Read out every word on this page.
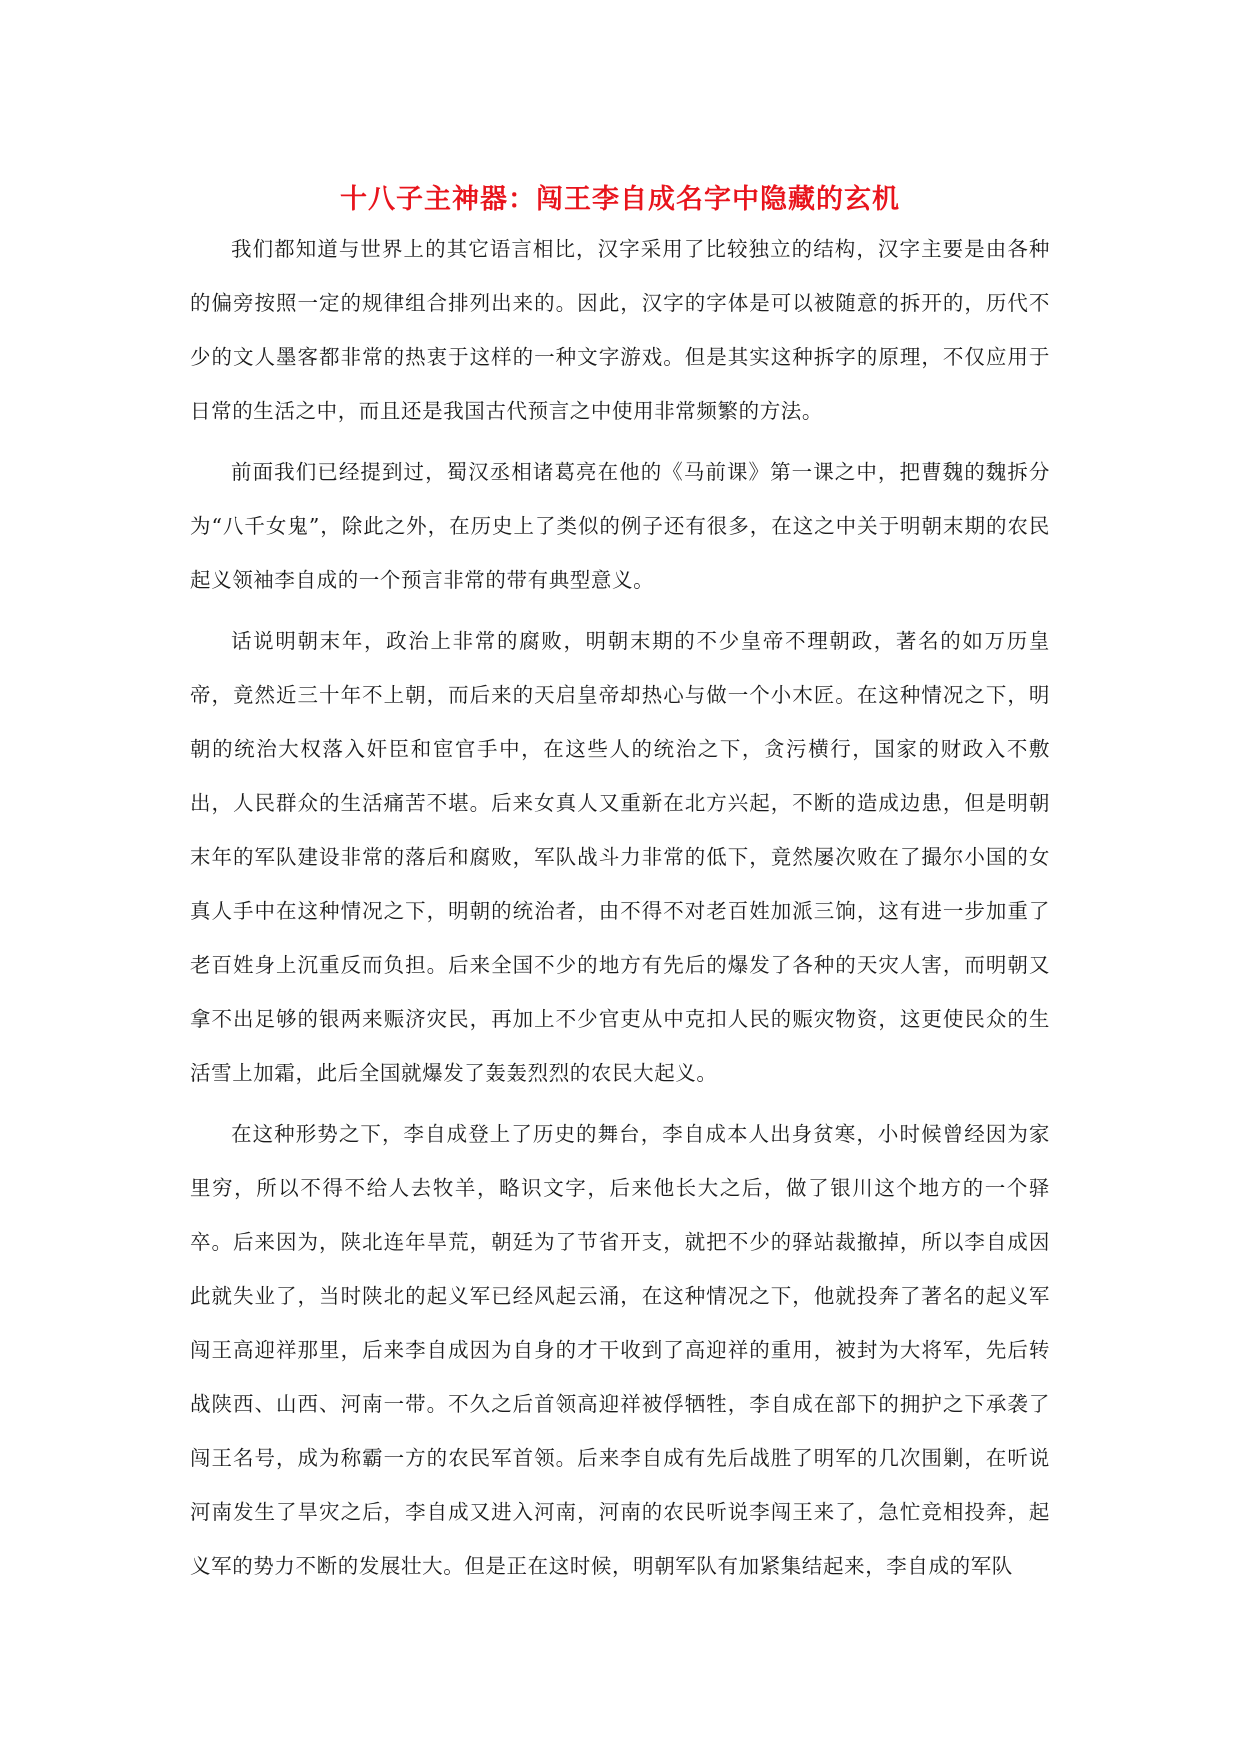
十八子主神器：闯王李自成名字中隐藏的玄机

我们都知道与世界上的其它语言相比，汉字采用了比较独立的结构，汉字主要是由各种的偏旁按照一定的规律组合排列出来的。因此，汉字的字体是可以被随意的拆开的，历代不少的文人墨客都非常的热衷于这样的一种文字游戏。但是其实这种拆字的原理，不仅应用于日常的生活之中，而且还是我国古代预言之中使用非常频繁的方法。

前面我们已经提到过，蜀汉丞相诸葛亮在他的《马前课》第一课之中，把曹魏的魏拆分为“八千女鬼”，除此之外，在历史上了类似的例子还有很多，在这之中关于明朝末期的农民起义领袖李自成的一个预言非常的带有典型意义。

话说明朝末年，政治上非常的腐败，明朝末期的不少皇帝不理朝政，著名的如万历皇帝，竟然近三十年不上朝，而后来的天启皇帝却热心与做一个小木匠。在这种情况之下，明朝的统治大权落入奸臣和宦官手中，在这些人的统治之下，贪污横行，国家的财政入不敷出，人民群众的生活痛苦不堪。后来女真人又重新在北方兴起，不断的造成边患，但是明朝末年的军队建设非常的落后和腐败，军队战斗力非常的低下，竟然屡次败在了撮尔小国的女真人手中在这种情况之下，明朝的统治者，由不得不对老百姓加派三饷，这有进一步加重了老百姓身上沉重反而负担。后来全国不少的地方有先后的爆发了各种的天灾人害，而明朝又拿不出足够的银两来赈济灾民，再加上不少官吏从中克扣人民的赈灾物资，这更使民众的生活雪上加霜，此后全国就爆发了轰轰烈烈的农民大起义。

在这种形势之下，李自成登上了历史的舞台，李自成本人出身贫寒，小时候曾经因为家里穷，所以不得不给人去牧羊，略识文字，后来他长大之后，做了银川这个地方的一个驿卒。后来因为，陕北连年旱荒，朝廷为了节省开支，就把不少的驿站裁撤掉，所以李自成因此就失业了，当时陕北的起义军已经风起云涌，在这种情况之下，他就投奔了著名的起义军闯王高迎祥那里，后来李自成因为自身的才干收到了高迎祥的重用，被封为大将军，先后转战陕西、山西、河南一带。不久之后首领高迎祥被俘牺牲，李自成在部下的拥护之下承袭了闯王名号，成为称霸一方的农民军首领。后来李自成有先后战胜了明军的几次围剿，在听说河南发生了旱灾之后，李自成又进入河南，河南的农民听说李闯王来了，急忙竞相投奔，起义军的势力不断的发展壮大。但是正在这时候，明朝军队有加紧集结起来，李自成的军队
